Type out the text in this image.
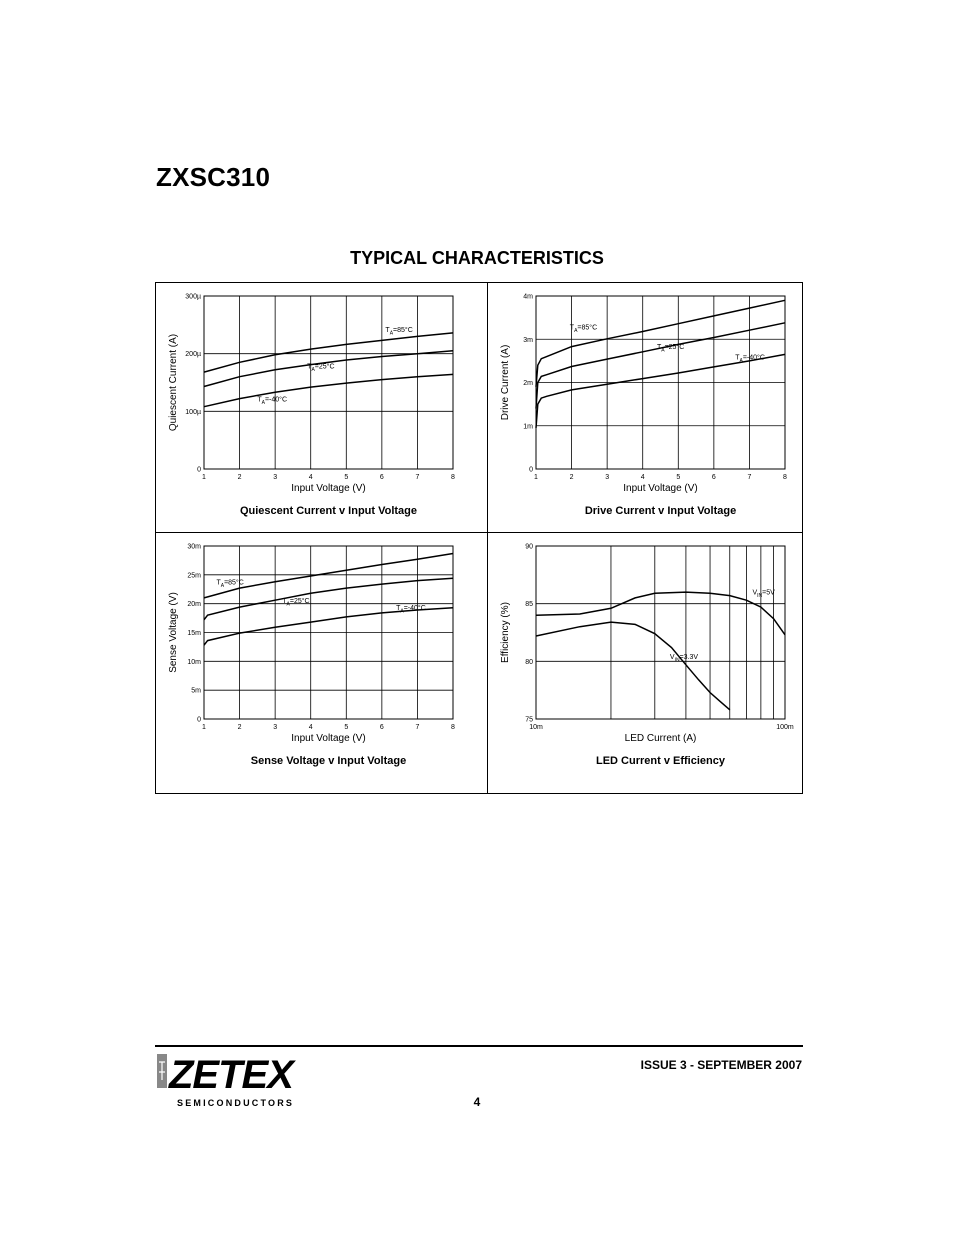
ZXSC310
TYPICAL CHARACTERISTICS
1	2	3	4	5	6	7	8
0
100µ
200µ
300µ
Input Voltage (V)
Quiescent Current (A)
$T_A=85^\circ C$
$T_A=25^\circ C$
$T_A=-40^\circ C$
Quiescent Current v Input Voltage
1	2	3	4	5	6	7	8
0
1m
2m
3m
4m
Input Voltage (V)
Drive Current (A)
$T_A=85^\circ C$
$T_A=25^\circ C$
$T_A=-40^\circ C$
Drive Current v Input Voltage
1	2	3	4	5	6	7	8
0
5m
10m
15m
20m
25m
30m
Input Voltage (V)
Sense Voltage (V)
$T_A=85^\circ C$
$T_A=25^\circ C$
$T_A=-40^\circ C$
Sense Voltage v Input Voltage
10m	100m
75
80
85
90
LED Current (A)
Efficiency (%)
$V_{IN}=5V$
$V_{IN}=3.3V$
LED Current v Efficiency
ZETEX
SEMICONDUCTORS
ISSUE 3 - SEPTEMBER 2007
4
